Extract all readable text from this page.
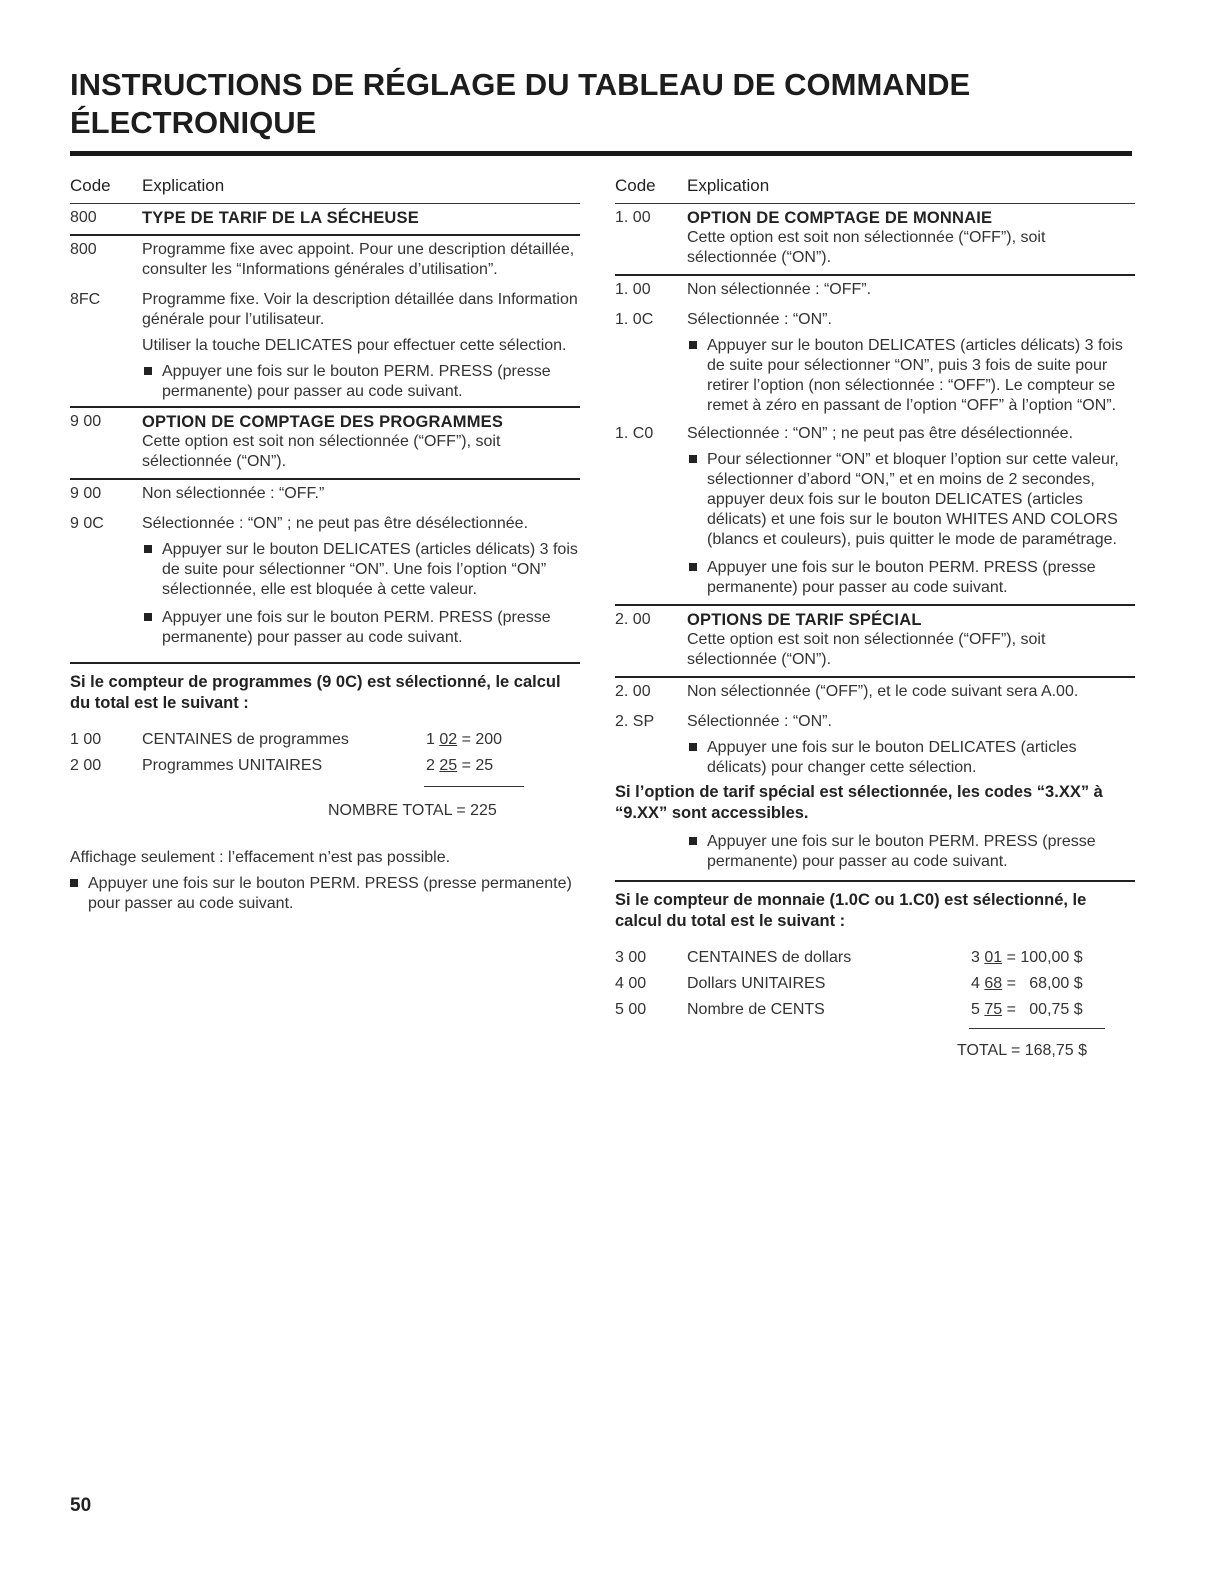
INSTRUCTIONS DE RÉGLAGE DU TABLEAU DE COMMANDE
ÉLECTRONIQUE
Code	Explication
800	TYPE DE TARIF DE LA SÉCHEUSE
800	Programme fixe avec appoint. Pour une description détaillée, consulter les “Informations générales d’utilisation”.

8FC	Programme fixe. Voir la description détaillée dans Information générale pour l’utilisateur.

Utiliser la touche DELICATES pour effectuer cette sélection.

Appuyer une fois sur le bouton PERM. PRESS (presse permanente) pour passer au code suivant.
9 00	OPTION DE COMPTAGE DES PROGRAMMES
Cette option est soit non sélectionnée (“OFF”), soit sélectionnée (“ON”).
9 00	Non sélectionnée : “OFF.”

9 0C	Sélectionnée : “ON” ; ne peut pas être désélectionnée.

Appuyer sur le bouton DELICATES (articles délicats) 3 fois de suite pour sélectionner “ON”. Une fois l’option “ON” sélectionnée, elle est bloquée à cette valeur.
Appuyer une fois sur le bouton PERM. PRESS (presse permanente) pour passer au code suivant.
Si le compteur de programmes (9 0C) est sélectionné, le calcul du total est le suivant :
1 00	CENTAINES de programmes	1 02 = 200
2 00	Programmes UNITAIRES	2 25 = 25
NOMBRE TOTAL = 225
Affichage seulement : l’effacement n’est pas possible.
Appuyer une fois sur le bouton PERM. PRESS (presse permanente) pour passer au code suivant.
Code	Explication
1. 00	OPTION DE COMPTAGE DE MONNAIE
Cette option est soit non sélectionnée (“OFF”), soit sélectionnée (“ON”).
1. 00	Non sélectionnée : “OFF”.

1. 0C	Sélectionnée : “ON”.

Appuyer sur le bouton DELICATES (articles délicats) 3 fois de suite pour sélectionner “ON”, puis 3 fois de suite pour retirer l’option (non sélectionnée : “OFF”). Le compteur se remet à zéro en passant de l’option “OFF” à l’option “ON”.
1. C0	Sélectionnée : “ON” ; ne peut pas être désélectionnée.

Pour sélectionner “ON” et bloquer l’option sur cette valeur, sélectionner d’abord “ON,” et en moins de 2 secondes, appuyer deux fois sur le bouton DELICATES (articles délicats) et une fois sur le bouton WHITES AND COLORS (blancs et couleurs), puis quitter le mode de paramétrage.
Appuyer une fois sur le bouton PERM. PRESS (presse permanente) pour passer au code suivant.
2. 00	OPTIONS DE TARIF SPÉCIAL
Cette option est soit non sélectionnée (“OFF”), soit sélectionnée (“ON”).
2. 00	Non sélectionnée (“OFF”), et le code suivant sera A.00.

2. SP	Sélectionnée : “ON”.

Appuyer une fois sur le bouton DELICATES (articles délicats) pour changer cette sélection.
Si l’option de tarif spécial est sélectionnée, les codes “3.XX” à “9.XX” sont accessibles.
Appuyer une fois sur le bouton PERM. PRESS (presse permanente) pour passer au code suivant.
Si le compteur de monnaie (1.0C ou 1.C0) est sélectionné, le calcul du total est le suivant :
3 00	CENTAINES de dollars	3 01 = 100,00 $
4 00	Dollars UNITAIRES	4 68 =   68,00 $
5 00	Nombre de CENTS	5 75 =   00,75 $
TOTAL = 168,75 $
50
